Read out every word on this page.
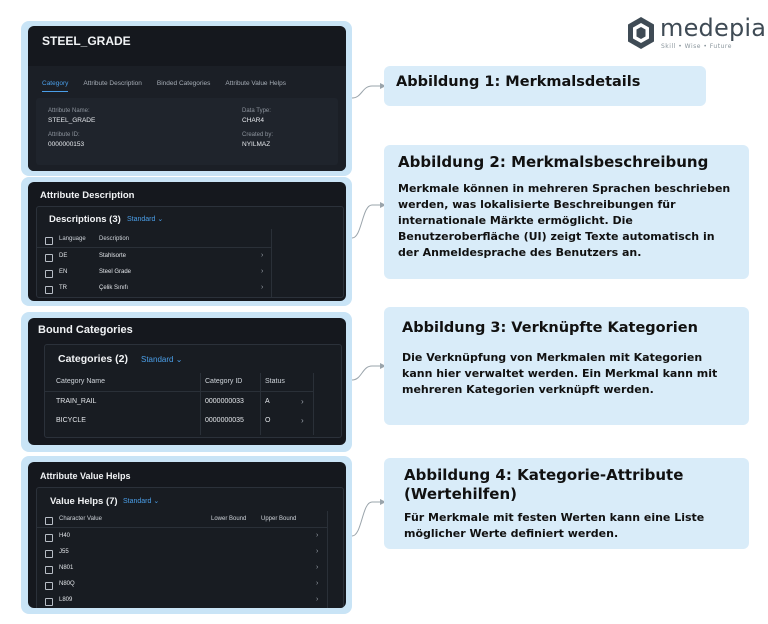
medepia
Skill • Wise • Future
STEEL_GRADE
Category Attribute Description Binded Categories Attribute Value Helps
Attribute Name:
STEEL_GRADE
Data Type:
CHAR4
Attribute ID:
0000000153
Created by:
NYILMAZ
Attribute Description
Descriptions (3) Standard ⌄
Language Description
DE	Stahlsorte	›
EN	Steel Grade	›
TR	Çelik Sınıfı	›
Bound Categories
Categories (2) Standard ⌄
Category Name	Category ID	Status
TRAIN_RAIL	0000000033	A	›
BICYCLE	0000000035	O	›
Attribute Value Helps
Value Helps (7) Standard ⌄
Character Value	Lower Bound Upper Bound
H40	›
J55	›
N801	›
N80Q	›
L809	›
Abbildung 1: Merkmalsdetails
Abbildung 2: Merkmalsbeschreibung

Merkmale können in mehreren Sprachen beschrieben werden, was lokalisierte Beschreibungen für internationale Märkte ermöglicht. Die Benutzeroberfläche (UI) zeigt Texte automatisch in der Anmeldesprache des Benutzers an.

Abbildung 3: Verknüpfte Kategorien

Die Verknüpfung von Merkmalen mit Kategorien kann hier verwaltet werden. Ein Merkmal kann mit mehreren Kategorien verknüpft werden.

Abbildung 4: Kategorie-Attribute (Wertehilfen)

Für Merkmale mit festen Werten kann eine Liste möglicher Werte definiert werden.
